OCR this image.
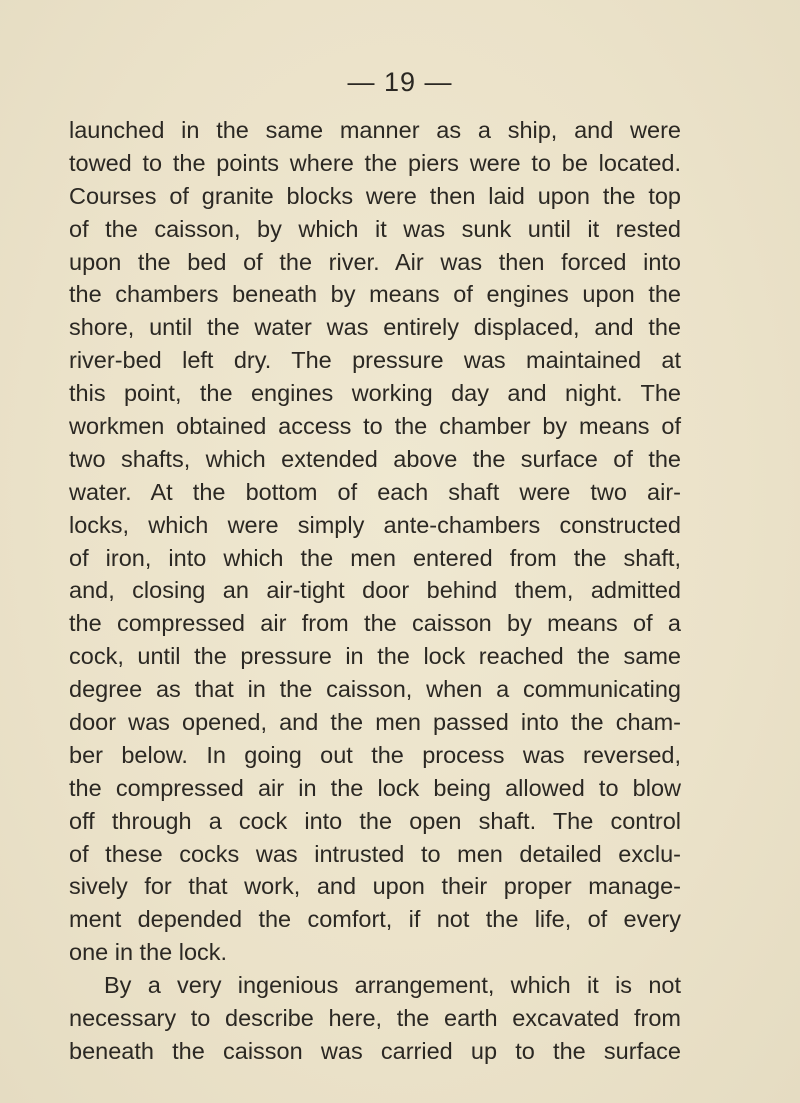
— 19 —
launched in the same manner as a ship, and were
towed to the points where the piers were to be located.
Courses of granite blocks were then laid upon the top
of the caisson, by which it was sunk until it rested
upon the bed of the river. Air was then forced into
the chambers beneath by means of engines upon the
shore, until the water was entirely displaced, and the
river-bed left dry. The pressure was maintained at
this point, the engines working day and night. The
workmen obtained access to the chamber by means of
two shafts, which extended above the surface of the
water. At the bottom of each shaft were two air-
locks, which were simply ante-chambers constructed
of iron, into which the men entered from the shaft,
and, closing an air-tight door behind them, admitted
the compressed air from the caisson by means of a
cock, until the pressure in the lock reached the same
degree as that in the caisson, when a communicating
door was opened, and the men passed into the cham-
ber below. In going out the process was reversed,
the compressed air in the lock being allowed to blow
off through a cock into the open shaft. The control
of these cocks was intrusted to men detailed exclu-
sively for that work, and upon their proper manage-
ment depended the comfort, if not the life, of every
one in the lock.
By a very ingenious arrangement, which it is not
necessary to describe here, the earth excavated from
beneath the caisson was carried up to the surface
